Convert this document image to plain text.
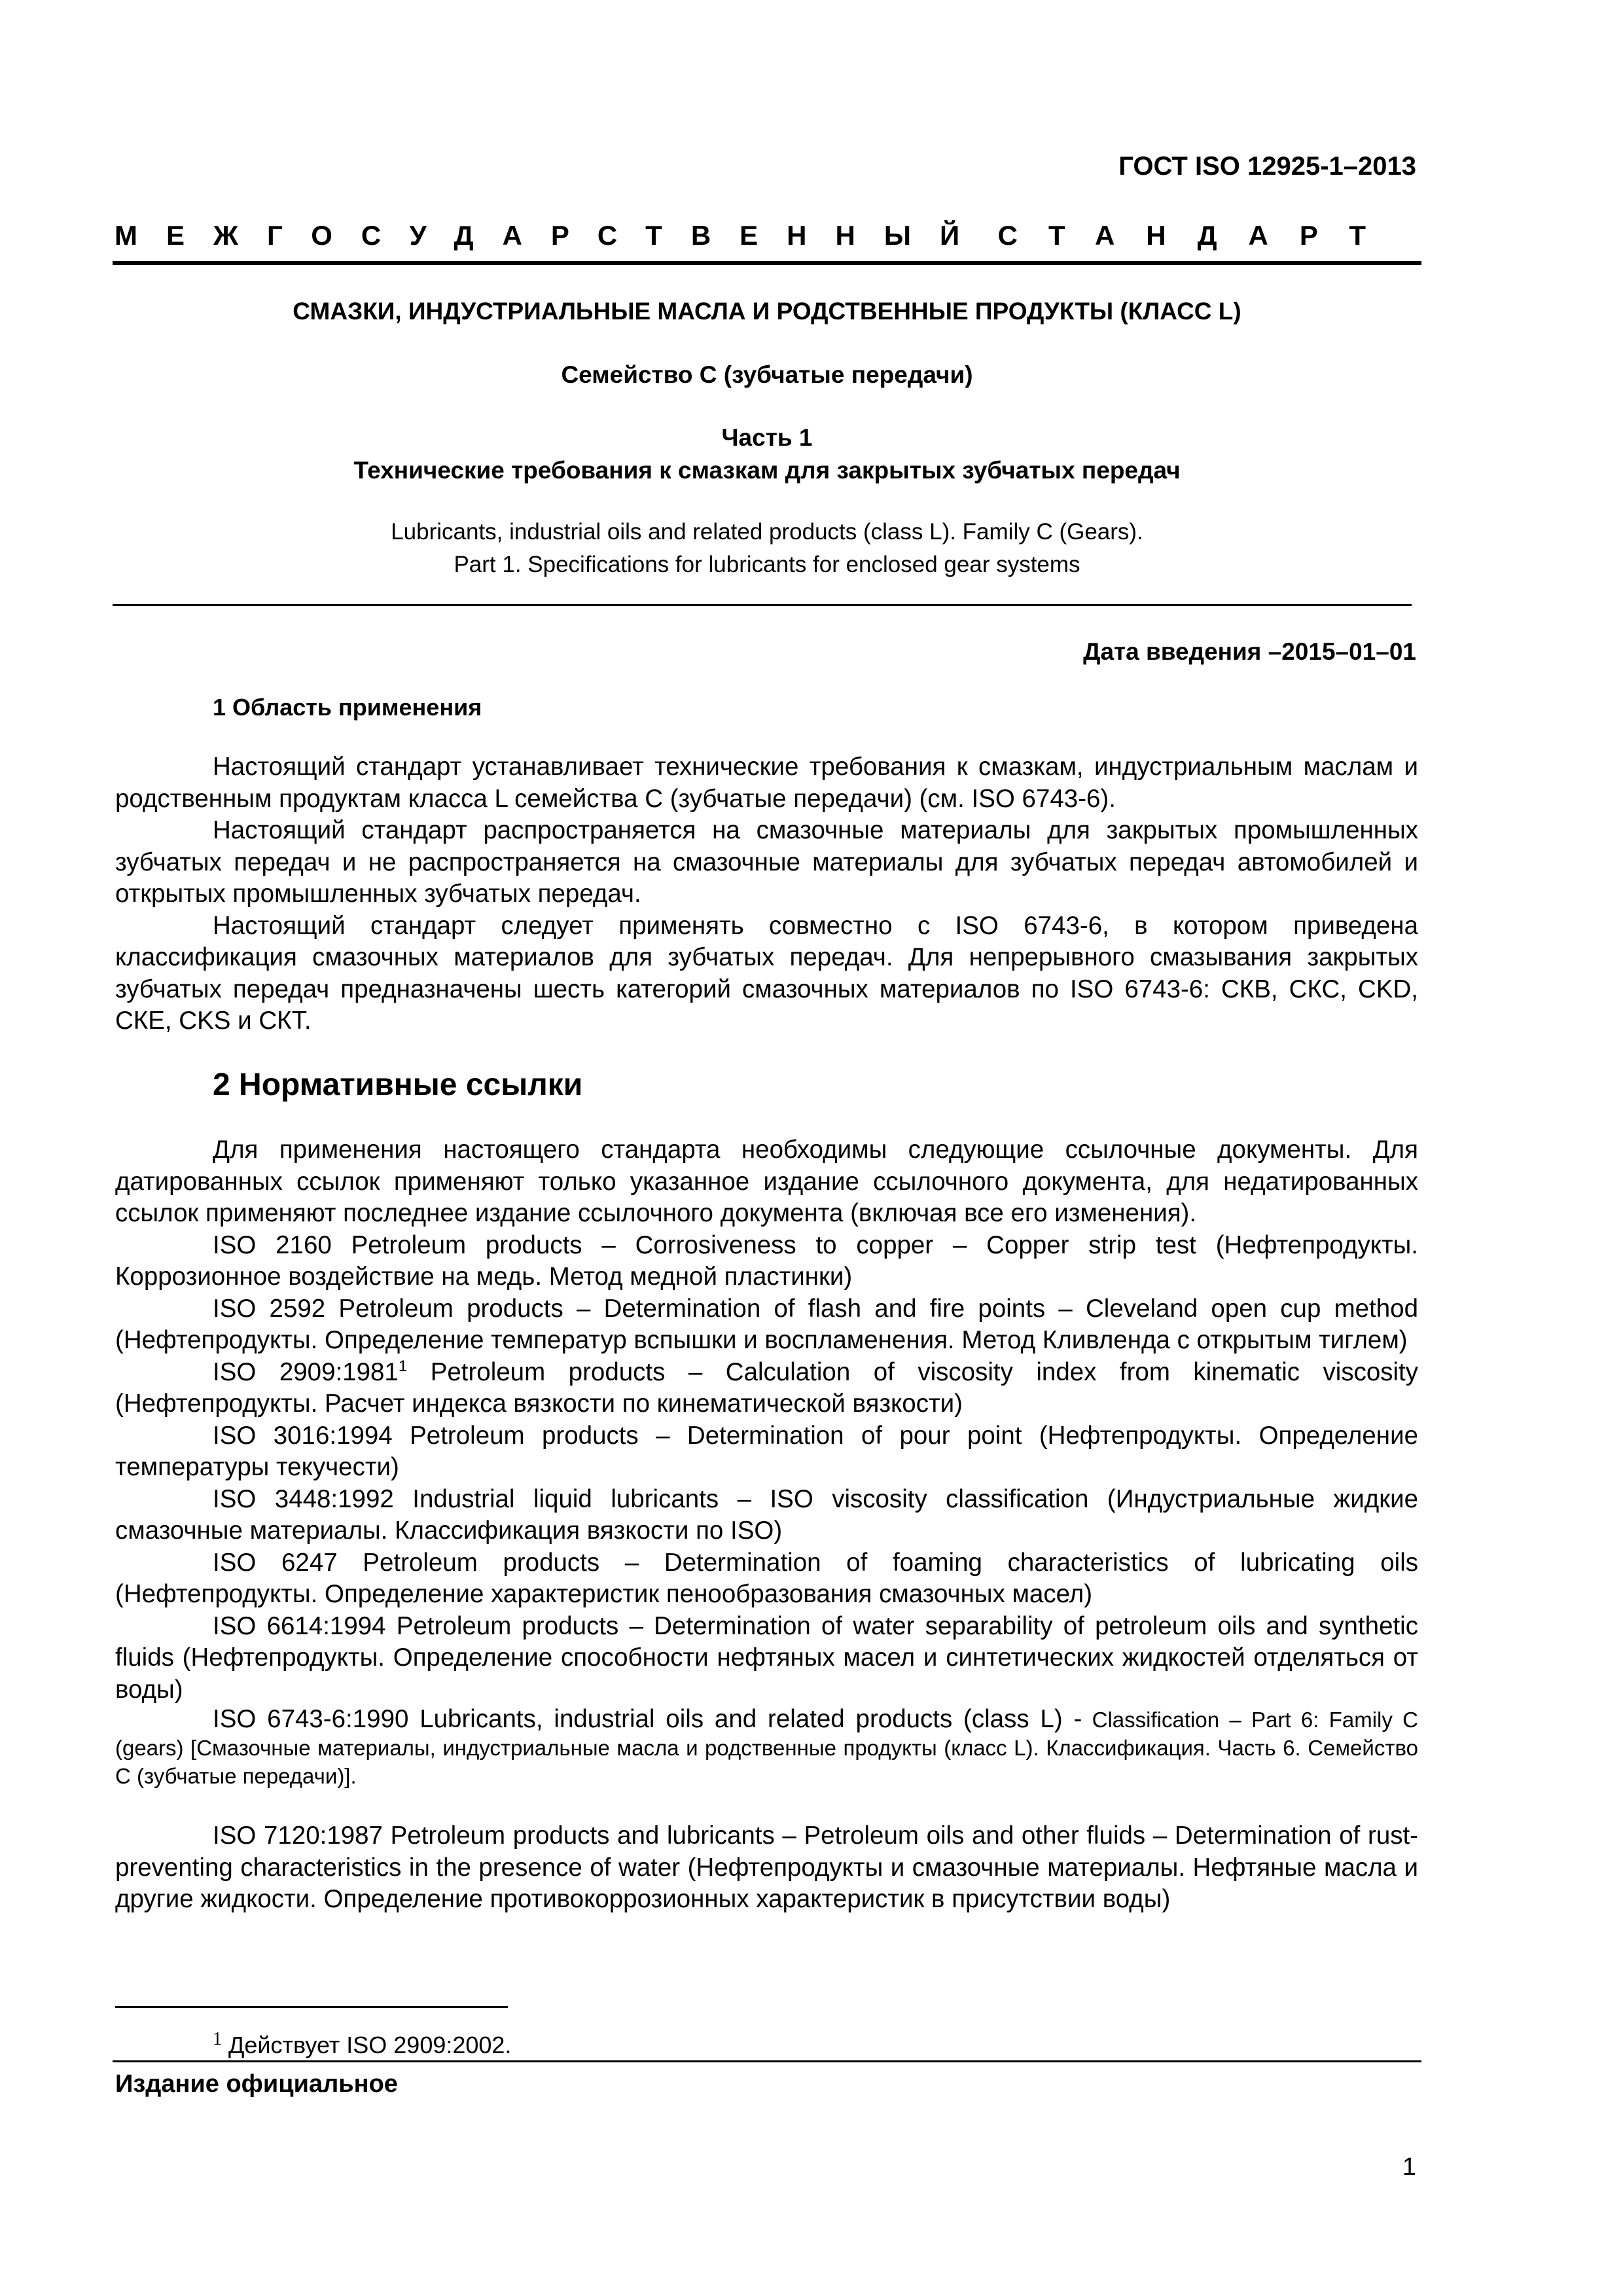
ГОСТ ISO 12925-1–2013
МЕЖГОСУДАРСТВЕННЫЙ СТАНДАРТ
СМАЗКИ, ИНДУСТРИАЛЬНЫЕ МАСЛА И РОДСТВЕННЫЕ ПРОДУКТЫ (КЛАСС L)
Семейство С (зубчатые передачи)
Часть 1
Технические требования к смазкам для закрытых зубчатых передач
Lubricants, industrial oils and related products (class L). Family C (Gears).
Part 1. Specifications for lubricants for enclosed gear systems
Дата введения –2015–01–01
1 Область применения

Настоящий стандарт устанавливает технические требования к смазкам, индустриальным маслам и родственным продуктам класса L семейства С (зубчатые передачи) (см. ISO 6743-6).

Настоящий стандарт распространяется на смазочные материалы для закрытых промышленных зубчатых передач и не распространяется на смазочные материалы для зубчатых передач автомобилей и открытых промышленных зубчатых передач.

Настоящий стандарт следует применять совместно с ISO 6743-6, в котором приведена классификация смазочных материалов для зубчатых передач. Для непрерывного смазывания закрытых зубчатых передач предназначены шесть категорий смазочных материалов по ISO 6743-6: СКВ, СКС, CKD, СКЕ, CKS и СКТ.

2 Нормативные ссылки

Для применения настоящего стандарта необходимы следующие ссылочные документы. Для датированных ссылок применяют только указанное издание ссылочного документа, для недатированных ссылок применяют последнее издание ссылочного документа (включая все его изменения).

ISO 2160 Petroleum products – Corrosiveness to copper – Copper strip test (Нефтепродукты. Коррозионное воздействие на медь. Метод медной пластинки)

ISO 2592 Petroleum products – Determination of flash and fire points – Cleveland open cup method (Нефтепродукты. Определение температур вспышки и воспламенения. Метод Кливленда с открытым тиглем)

ISO 2909:1981$^1$ Petroleum products – Calculation of viscosity index from kinematic viscosity (Нефтепродукты. Расчет индекса вязкости по кинематической вязкости)

ISO 3016:1994 Petroleum products – Determination of pour point (Нефтепродукты. Определение температуры текучести)

ISO 3448:1992 Industrial liquid lubricants – ISO viscosity classification (Индустриальные жидкие смазочные материалы. Классификация вязкости по ISO)

ISO 6247 Petroleum products – Determination of foaming characteristics of lubricating oils (Нефтепродукты. Определение характеристик пенообразования смазочных масел)

ISO 6614:1994 Petroleum products – Determination of water separability of petroleum oils and synthetic fluids (Нефтепродукты. Определение способности нефтяных масел и синтетических жидкостей отделяться от воды)

ISO 6743-6:1990 Lubricants, industrial oils and related products (class L) - Classification – Part 6: Family C (gears) [Смазочные материалы, индустриальные масла и родственные продукты (класс L). Классификация. Часть 6. Семейство С (зубчатые передачи)].

ISO 7120:1987 Petroleum products and lubricants – Petroleum oils and other fluids – Determination of rust-preventing characteristics in the presence of water (Нефтепродукты и смазочные материалы. Нефтяные масла и другие жидкости. Определение противокоррозионных характеристик в присутствии воды)

$^1$ Действует ISO 2909:2002.
Издание официальное
1
